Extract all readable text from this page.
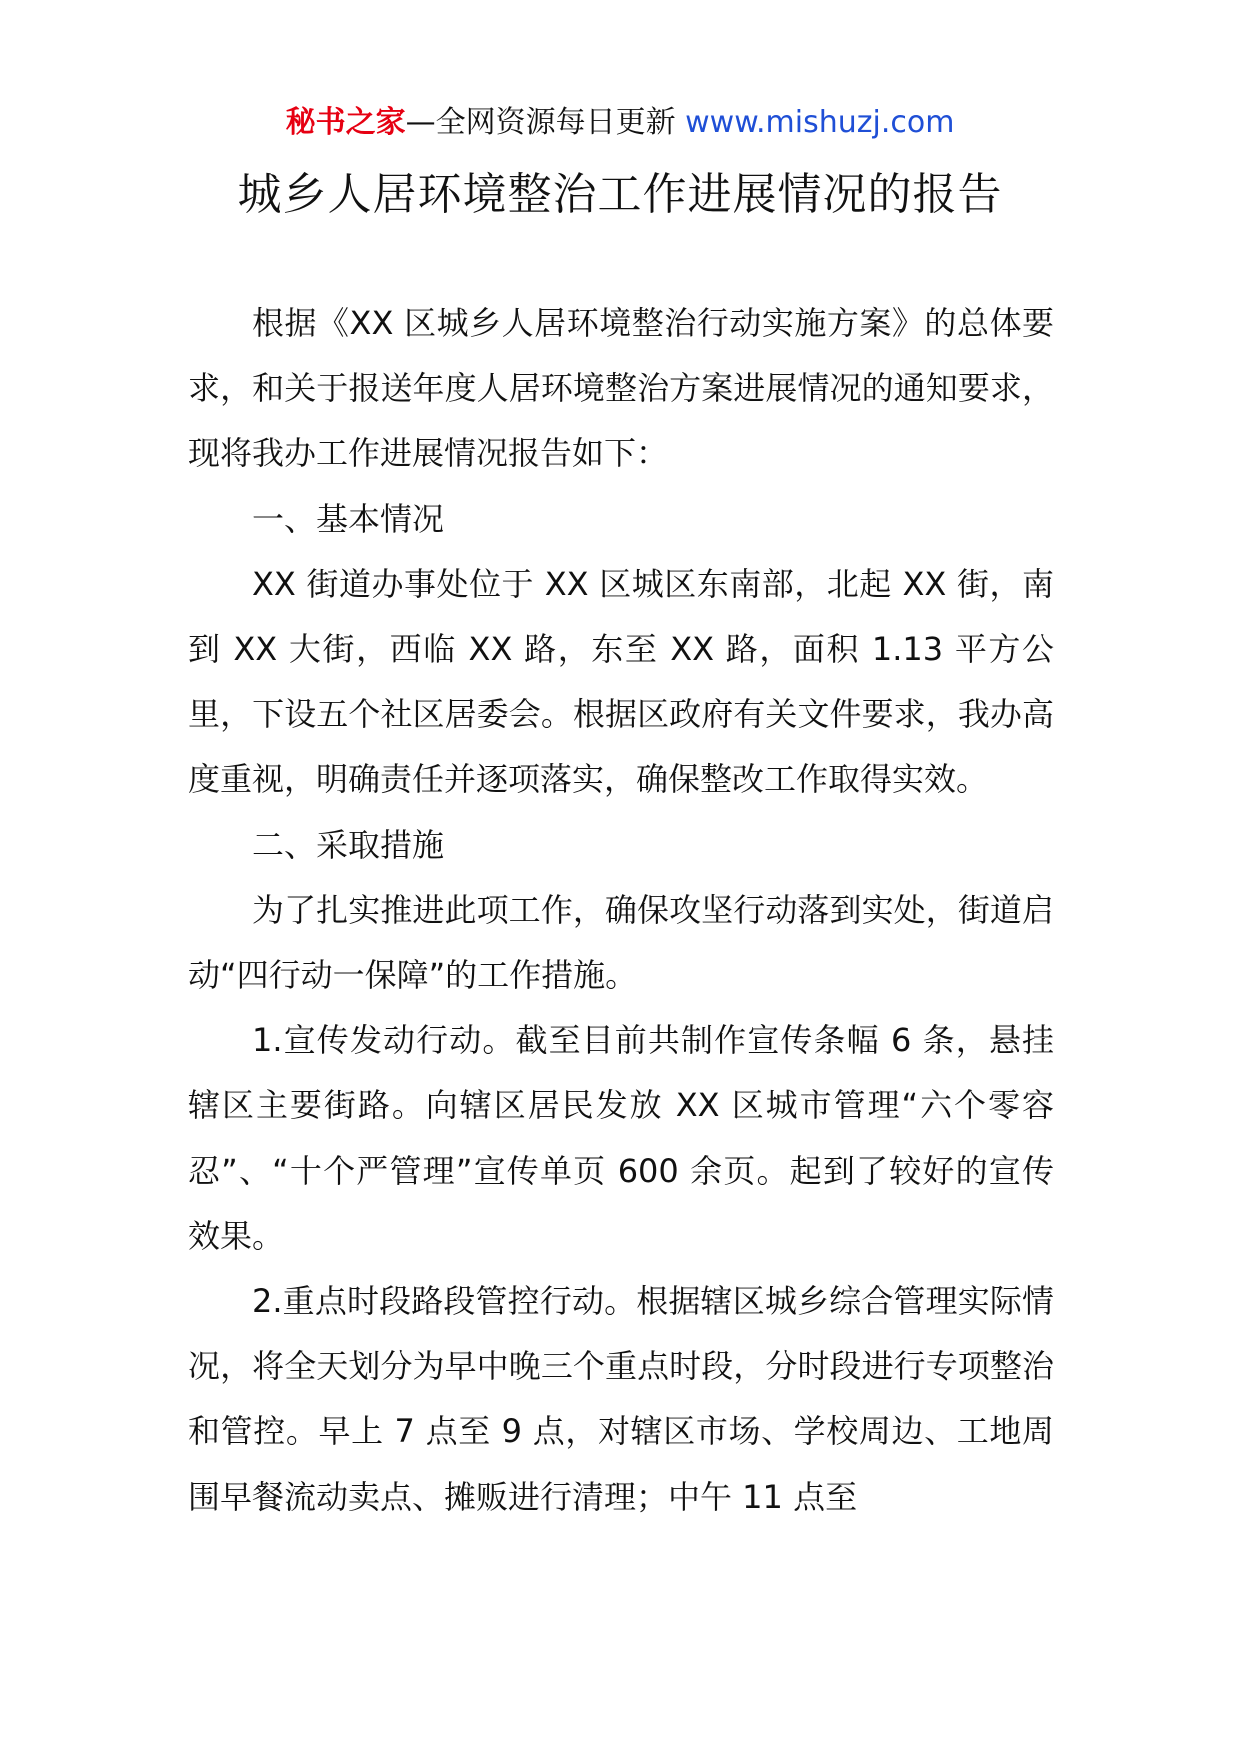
秘书之家—全网资源每日更新 www.mishuzj.com
城乡人居环境整治工作进展情况的报告

根据《XX 区城乡人居环境整治行动实施方案》的总体要求，和关于报送年度人居环境整治方案进展情况的通知要求，现将我办工作进展情况报告如下：

一、基本情况

XX 街道办事处位于 XX 区城区东南部，北起 XX 街，南到 XX 大街，西临 XX 路，东至 XX 路，面积 1.13 平方公里，下设五个社区居委会。根据区政府有关文件要求，我办高度重视，明确责任并逐项落实，确保整改工作取得实效。

二、采取措施

为了扎实推进此项工作，确保攻坚行动落到实处，街道启动“四行动一保障”的工作措施。

1.宣传发动行动。截至目前共制作宣传条幅 6 条，悬挂辖区主要街路。向辖区居民发放 XX 区城市管理“六个零容忍”、“十个严管理”宣传单页 600 余页。起到了较好的宣传效果。

2.重点时段路段管控行动。根据辖区城乡综合管理实际情况，将全天划分为早中晚三个重点时段，分时段进行专项整治和管控。早上 7 点至 9 点，对辖区市场、学校周边、工地周围早餐流动卖点、摊贩进行清理；中午 11 点至
